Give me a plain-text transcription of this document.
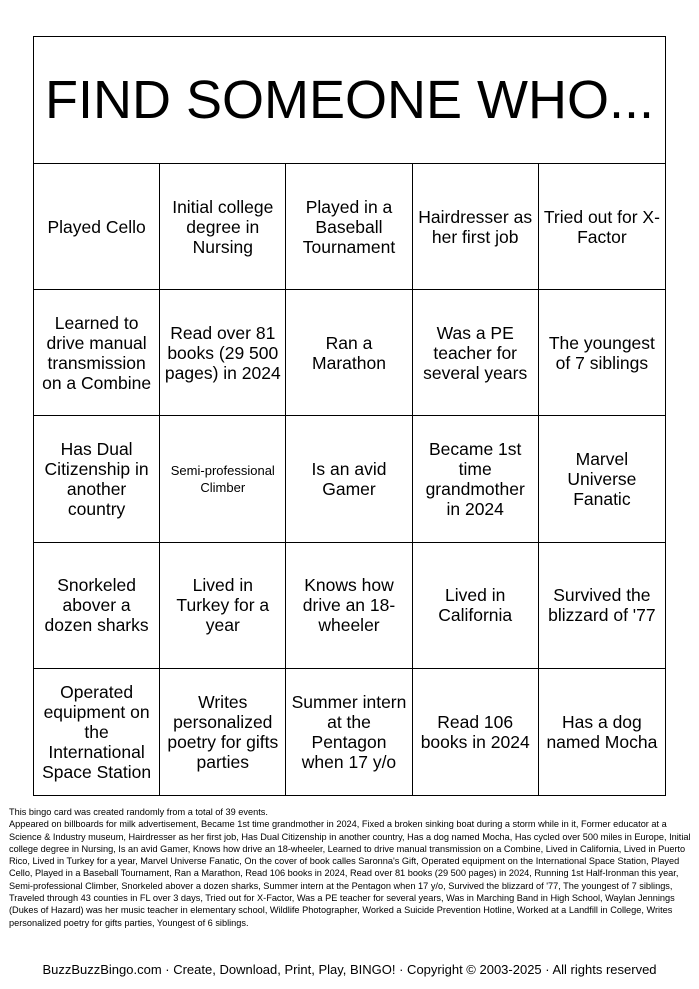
FIND SOMEONE WHO...
Played Cello
Initial college degree in Nursing
Played in a Baseball Tournament
Hairdresser as her first job
Tried out for X-Factor
Learned to drive manual transmission on a Combine
Read over 81 books (29 500 pages) in 2024
Ran a Marathon
Was a PE teacher for several years
The youngest of 7 siblings
Has Dual Citizenship in another country
Semi-professional Climber
Is an avid Gamer
Became 1st time grandmother in 2024
Marvel Universe Fanatic
Snorkeled abover a dozen sharks
Lived in Turkey for a year
Knows how drive an 18-wheeler
Lived in California
Survived the blizzard of '77
Operated equipment on the International Space Station
Writes personalized poetry for gifts parties
Summer intern at the Pentagon when 17 y/o
Read 106 books in 2024
Has a dog named Mocha
This bingo card was created randomly from a total of 39 events.
Appeared on billboards for milk advertisement, Became 1st time grandmother in 2024, Fixed a broken sinking boat during a storm while in it, Former educator at a Science & Industry museum, Hairdresser as her first job, Has Dual Citizenship in another country, Has a dog named Mocha, Has cycled over 500 miles in Europe, Initial college degree in Nursing, Is an avid Gamer, Knows how drive an 18-wheeler, Learned to drive manual transmission on a Combine, Lived in California, Lived in Puerto Rico, Lived in Turkey for a year, Marvel Universe Fanatic, On the cover of book calles Saronna's Gift, Operated equipment on the International Space Station, Played Cello, Played in a Baseball Tournament, Ran a Marathon, Read 106 books in 2024, Read over 81 books (29 500 pages) in 2024, Running 1st Half-Ironman this year, Semi-professional Climber, Snorkeled abover a dozen sharks, Summer intern at the Pentagon when 17 y/o, Survived the blizzard of '77, The youngest of 7 siblings, Traveled through 43 counties in FL over 3 days, Tried out for X-Factor, Was a PE teacher for several years, Was in Marching Band in High School, Waylan Jennings (Dukes of Hazard) was her music teacher in elementary school, Wildlife Photographer, Worked a Suicide Prevention Hotline, Worked at a Landfill in College, Writes personalized poetry for gifts parties, Youngest of 6 siblings.
BuzzBuzzBingo.com · Create, Download, Print, Play, BINGO! · Copyright © 2003-2025 · All rights reserved
